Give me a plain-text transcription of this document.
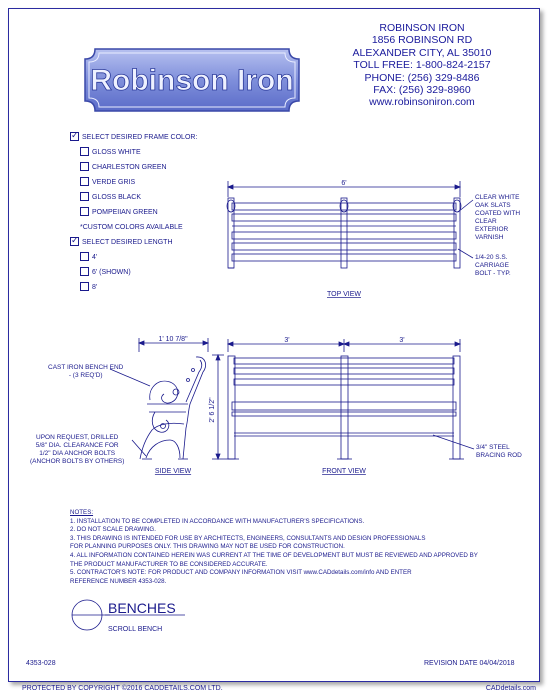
Robinson Iron
ROBINSON IRON
1856 ROBINSON RD
ALEXANDER CITY, AL 35010
TOLL FREE: 1-800-824-2157
PHONE: (256) 329-8486
FAX: (256) 329-8960
www.robinsoniron.com
✓SELECT DESIRED FRAME COLOR:
GLOSS WHITE
CHARLESTON GREEN
VERDE GRIS
GLOSS BLACK
POMPEIIAN GREEN
*CUSTOM COLORS AVAILABLE
✓SELECT DESIRED LENGTH
4'
6' (SHOWN)
8'
6'
TOP VIEW
1' 10 7/8"
2' 6 1/2"
SIDE VIEW
3'	3'
FRONT VIEW
CLEAR WHITE
OAK SLATS
COATED WITH
CLEAR
EXTERIOR
VARNISH
1/4-20 S.S.
CARRIAGE
BOLT - TYP.
CAST IRON BENCH END
- (3 REQ'D)
UPON REQUEST, DRILLED
5/8" DIA. CLEARANCE FOR
1/2" DIA ANCHOR BOLTS
(ANCHOR BOLTS BY OTHERS)
3/4" STEEL
BRACING ROD
NOTES:
1. INSTALLATION TO BE COMPLETED IN ACCORDANCE WITH MANUFACTURER'S SPECIFICATIONS.
2. DO NOT SCALE DRAWING.
3. THIS DRAWING IS INTENDED FOR USE BY ARCHITECTS, ENGINEERS, CONSULTANTS AND DESIGN PROFESSIONALS
FOR PLANNING PURPOSES ONLY. THIS DRAWING MAY NOT BE USED FOR CONSTRUCTION.
4. ALL INFORMATION CONTAINED HEREIN WAS CURRENT AT THE TIME OF DEVELOPMENT BUT MUST BE REVIEWED AND APPROVED BY
THE PRODUCT MANUFACTURER TO BE CONSIDERED ACCURATE.
5. CONTRACTOR'S NOTE: FOR PRODUCT AND COMPANY INFORMATION VISIT www.CADdetails.com/info AND ENTER
REFERENCE NUMBER 4353-028.
BENCHES
SCROLL BENCH
4353-028	REVISION DATE 04/04/2018
PROTECTED BY COPYRIGHT ©2016 CADDETAILS.COM LTD.	CADdetails.com
